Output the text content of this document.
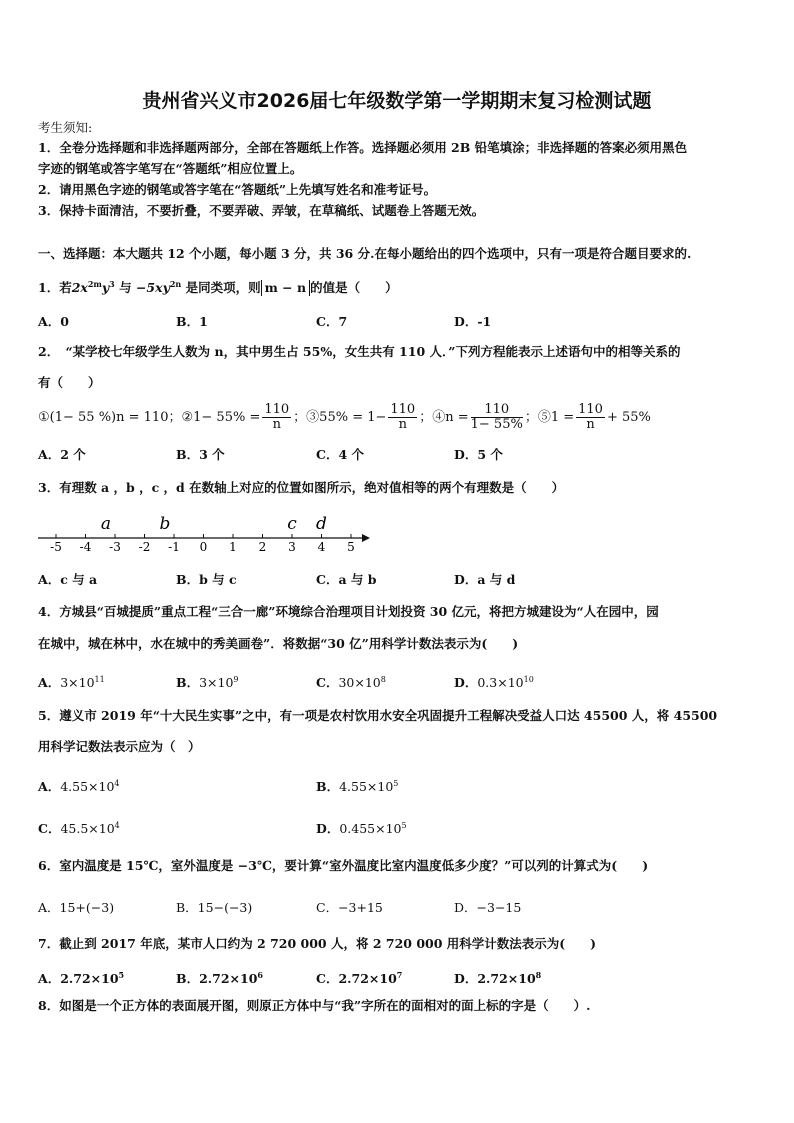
贵州省兴义市2026届七年级数学第一学期期末复习检测试题
考生须知:
1．全卷分选择题和非选择题两部分，全部在答题纸上作答。选择题必须用 2B 铅笔填涂；非选择题的答案必须用黑色
字迹的钢笔或答字笔写在“答题纸”相应位置上。
2．请用黑色字迹的钢笔或答字笔在“答题纸”上先填写姓名和准考证号。
3．保持卡面清洁，不要折叠，不要弄破、弄皱，在草稿纸、试题卷上答题无效。
一、选择题：本大题共 12 个小题，每小题 3 分，共 36 分.在每小题给出的四个选项中，只有一项是符合题目要求的.
1．若$2x^{2m}y^3$ 与 $-5xy^{2n}$ 是同类项，则 m − n 的值是（　　）
A．0	B．1	C．7	D．-1
2．　“某学校七年级学生人数为 n，其中男生占 55%，女生共有 110 人．”下列方程能表示上述语句中的相等关系的
有（　　）
①(1− 55 %)n = 110；②1− $55\% = \frac{110}{n}$ ；③55% = $1- \frac{110}{n}$ ；④n = $\frac{110}{1- 55\%}$ ；⑤1 = $\frac{110}{n} + 55\%$
A．2 个	B．3 个	C．4 个	D．5 个
3．有理数 a ，b ，c ，d 在数轴上对应的位置如图所示，绝对值相等的两个有理数是（　　）
-5 -4 -3 -2 -1 0 1 2 3 4 5
a	b	c d
A．c 与 a	B．b 与 c	C．a 与 b	D．a 与 d
4．方城县“百城提质”重点工程“三合一廊”环境综合治理项目计划投资 30 亿元，将把方城建设为“人在园中，园
在城中，城在林中，水在城中的秀美画卷”．将数据“30 亿”用科学计数法表示为(　　)
A．$3\times 10^{11}$	B．$3\times 10^9$	C．$30\times 10^8$	D．$0.3\times 10^{10}$
5．遵义市 2019 年“十大民生实事”之中，有一项是农村饮用水安全巩固提升工程解决受益人口达 45500 人，将 45500
用科学记数法表示应为（　）
A．$4.55\times 10^4$	B．$4.55\times 10^5$
C．$45.5\times 10^4$	D．$0.455\times 10^5$
6．室内温度是 15℃，室外温度是 −3℃，要计算“室外温度比室内温度低多少度？”可以列的计算式为(　　)
A．15+(−3)	B．15−(−3)	C．−3+15	D．−3−15
7．截止到 2017 年底，某市人口约为 2 720 000 人，将 2 720 000 用科学计数法表示为(　　)
A．$2.72\times 10^5$	B．$2.72\times 10^6$	C．$2.72\times 10^7$	D．$2.72\times 10^8$
8．如图是一个正方体的表面展开图，则原正方体中与“我”字所在的面相对的面上标的字是（　　）.
